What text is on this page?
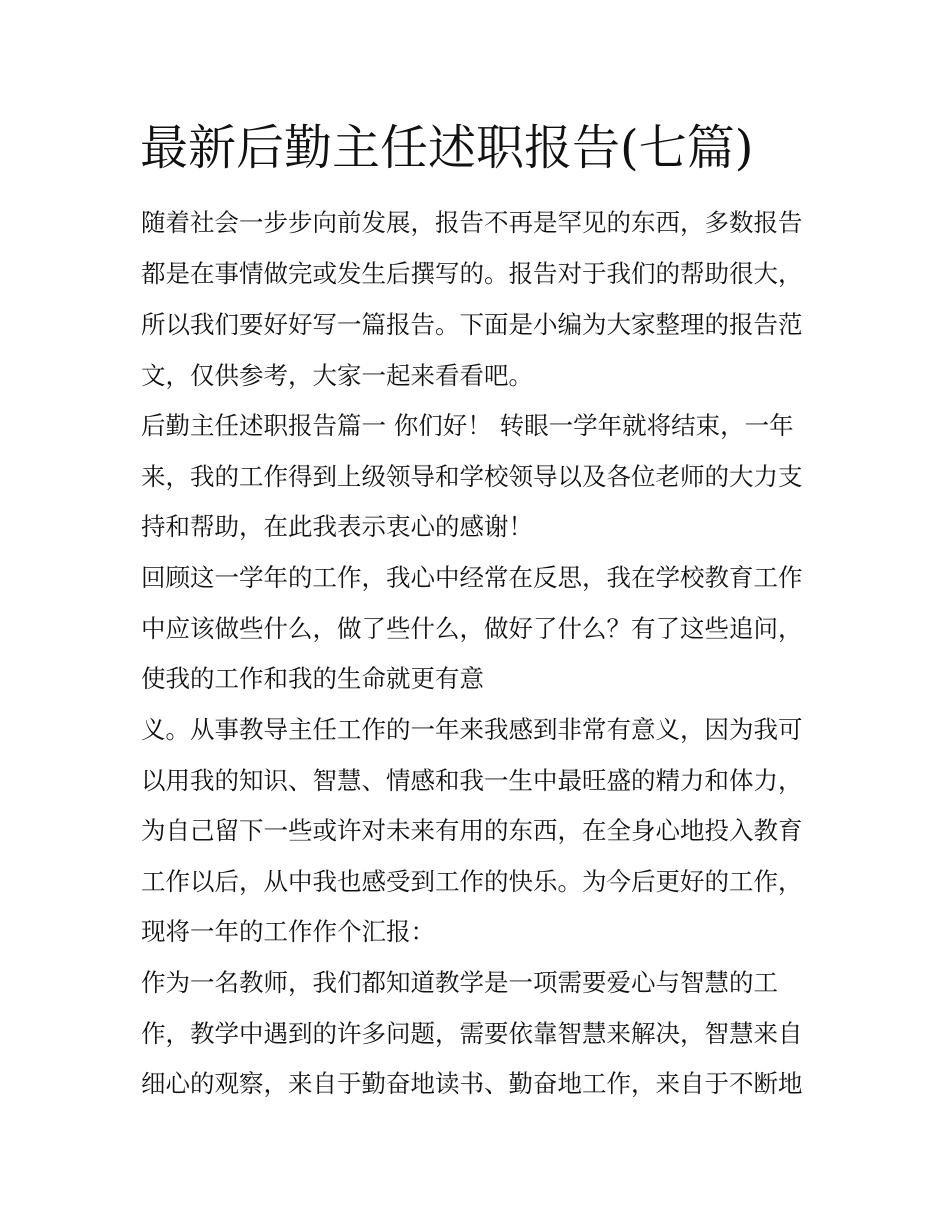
最新后勤主任述职报告(七篇)

随着社会一步步向前发展，报告不再是罕见的东西，多数报告

都是在事情做完或发生后撰写的。报告对于我们的帮助很大，

所以我们要好好写一篇报告。下面是小编为大家整理的报告范

文，仅供参考，大家一起来看看吧。

后勤主任述职报告篇一 你们好！ 转眼一学年就将结束，一年

来，我的工作得到上级领导和学校领导以及各位老师的大力支

持和帮助，在此我表示衷心的感谢！

回顾这一学年的工作，我心中经常在反思，我在学校教育工作

中应该做些什么，做了些什么，做好了什么？有了这些追问，

使我的工作和我的生命就更有意

义。从事教导主任工作的一年来我感到非常有意义，因为我可

以用我的知识、智慧、情感和我一生中最旺盛的精力和体力，

为自己留下一些或许对未来有用的东西，在全身心地投入教育

工作以后，从中我也感受到工作的快乐。为今后更好的工作，

现将一年的工作作个汇报：

作为一名教师，我们都知道教学是一项需要爱心与智慧的工

作，教学中遇到的许多问题，需要依靠智慧来解决，智慧来自

细心的观察，来自于勤奋地读书、勤奋地工作，来自于不断地
